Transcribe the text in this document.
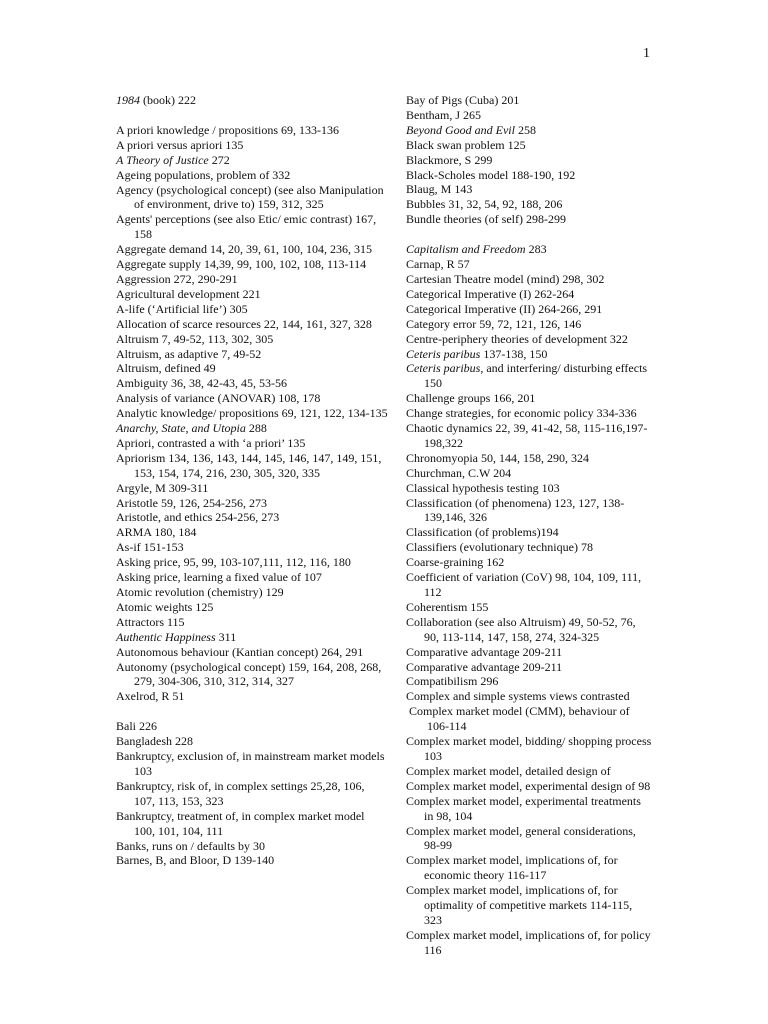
1
1984 (book) 222
A priori knowledge / propositions 69, 133-136
A priori versus apriori 135
A Theory of Justice 272
Ageing populations, problem of 332
Agency (psychological concept) (see also Manipulation of environment, drive to) 159, 312, 325
Agents' perceptions (see also Etic/ emic contrast) 167, 158
Aggregate demand 14, 20, 39, 61, 100, 104, 236, 315
Aggregate supply 14,39, 99, 100, 102, 108, 113-114
Aggression 272, 290-291
Agricultural development 221
A-life (‘Artificial life’) 305
Allocation of scarce resources 22, 144, 161, 327, 328
Altruism 7, 49-52, 113, 302, 305
Altruism, as adaptive 7, 49-52
Altruism, defined 49
Ambiguity 36, 38, 42-43, 45, 53-56
Analysis of variance (ANOVAR) 108, 178
Analytic knowledge/ propositions 69, 121, 122, 134-135
Anarchy, State, and Utopia 288
Apriori, contrasted a with ‘a priori’ 135
Apriorism 134, 136, 143, 144, 145, 146, 147, 149, 151, 153, 154, 174, 216, 230, 305, 320, 335
Argyle, M 309-311
Aristotle 59, 126, 254-256, 273
Aristotle, and ethics 254-256, 273
ARMA 180, 184
As-if 151-153
Asking price, 95, 99, 103-107,111, 112, 116, 180
Asking price, learning a fixed value of 107
Atomic revolution (chemistry) 129
Atomic weights 125
Attractors 115
Authentic Happiness 311
Autonomous behaviour (Kantian concept) 264, 291
Autonomy (psychological concept) 159, 164, 208, 268, 279, 304-306, 310, 312, 314, 327
Axelrod, R 51
Bali 226
Bangladesh 228
Bankruptcy, exclusion of, in mainstream market models 103
Bankruptcy, risk of, in complex settings 25,28, 106, 107, 113, 153, 323
Bankruptcy, treatment of, in complex market model 100, 101, 104, 111
Banks, runs on / defaults by 30
Barnes, B, and Bloor, D 139-140
Bay of Pigs (Cuba) 201
Bentham, J 265
Beyond Good and Evil 258
Black swan problem 125
Blackmore, S 299
Black-Scholes model 188-190, 192
Blaug, M 143
Bubbles 31, 32, 54, 92, 188, 206
Bundle theories (of self) 298-299
Capitalism and Freedom 283
Carnap, R 57
Cartesian Theatre model (mind) 298, 302
Categorical Imperative (I) 262-264
Categorical Imperative (II) 264-266, 291
Category error 59, 72, 121, 126, 146
Centre-periphery theories of development 322
Ceteris paribus 137-138, 150
Ceteris paribus, and interfering/ disturbing effects 150
Challenge groups 166, 201
Change strategies, for economic policy 334-336
Chaotic dynamics 22, 39, 41-42, 58, 115-116,197-198,322
Chronomyopia 50, 144, 158, 290, 324
Churchman, C.W 204
Classical hypothesis testing 103
Classification (of phenomena) 123, 127, 138-139,146, 326
Classification (of problems)194
Classifiers (evolutionary technique) 78
Coarse-graining 162
Coefficient of variation (CoV) 98, 104, 109, 111, 112
Coherentism 155
Collaboration (see also Altruism) 49, 50-52, 76, 90, 113-114, 147, 158, 274, 324-325
Comparative advantage 209-211
Comparative advantage 209-211
Compatibilism 296
Complex and simple systems views contrasted
Complex market model (CMM), behaviour of 106-114
Complex market model, bidding/ shopping process 103
Complex market model, detailed design of
Complex market model, experimental design of 98
Complex market model, experimental treatments in 98, 104
Complex market model, general considerations, 98-99
Complex market model, implications of, for economic theory 116-117
Complex market model, implications of, for optimality of competitive markets 114-115, 323
Complex market model, implications of, for policy 116
